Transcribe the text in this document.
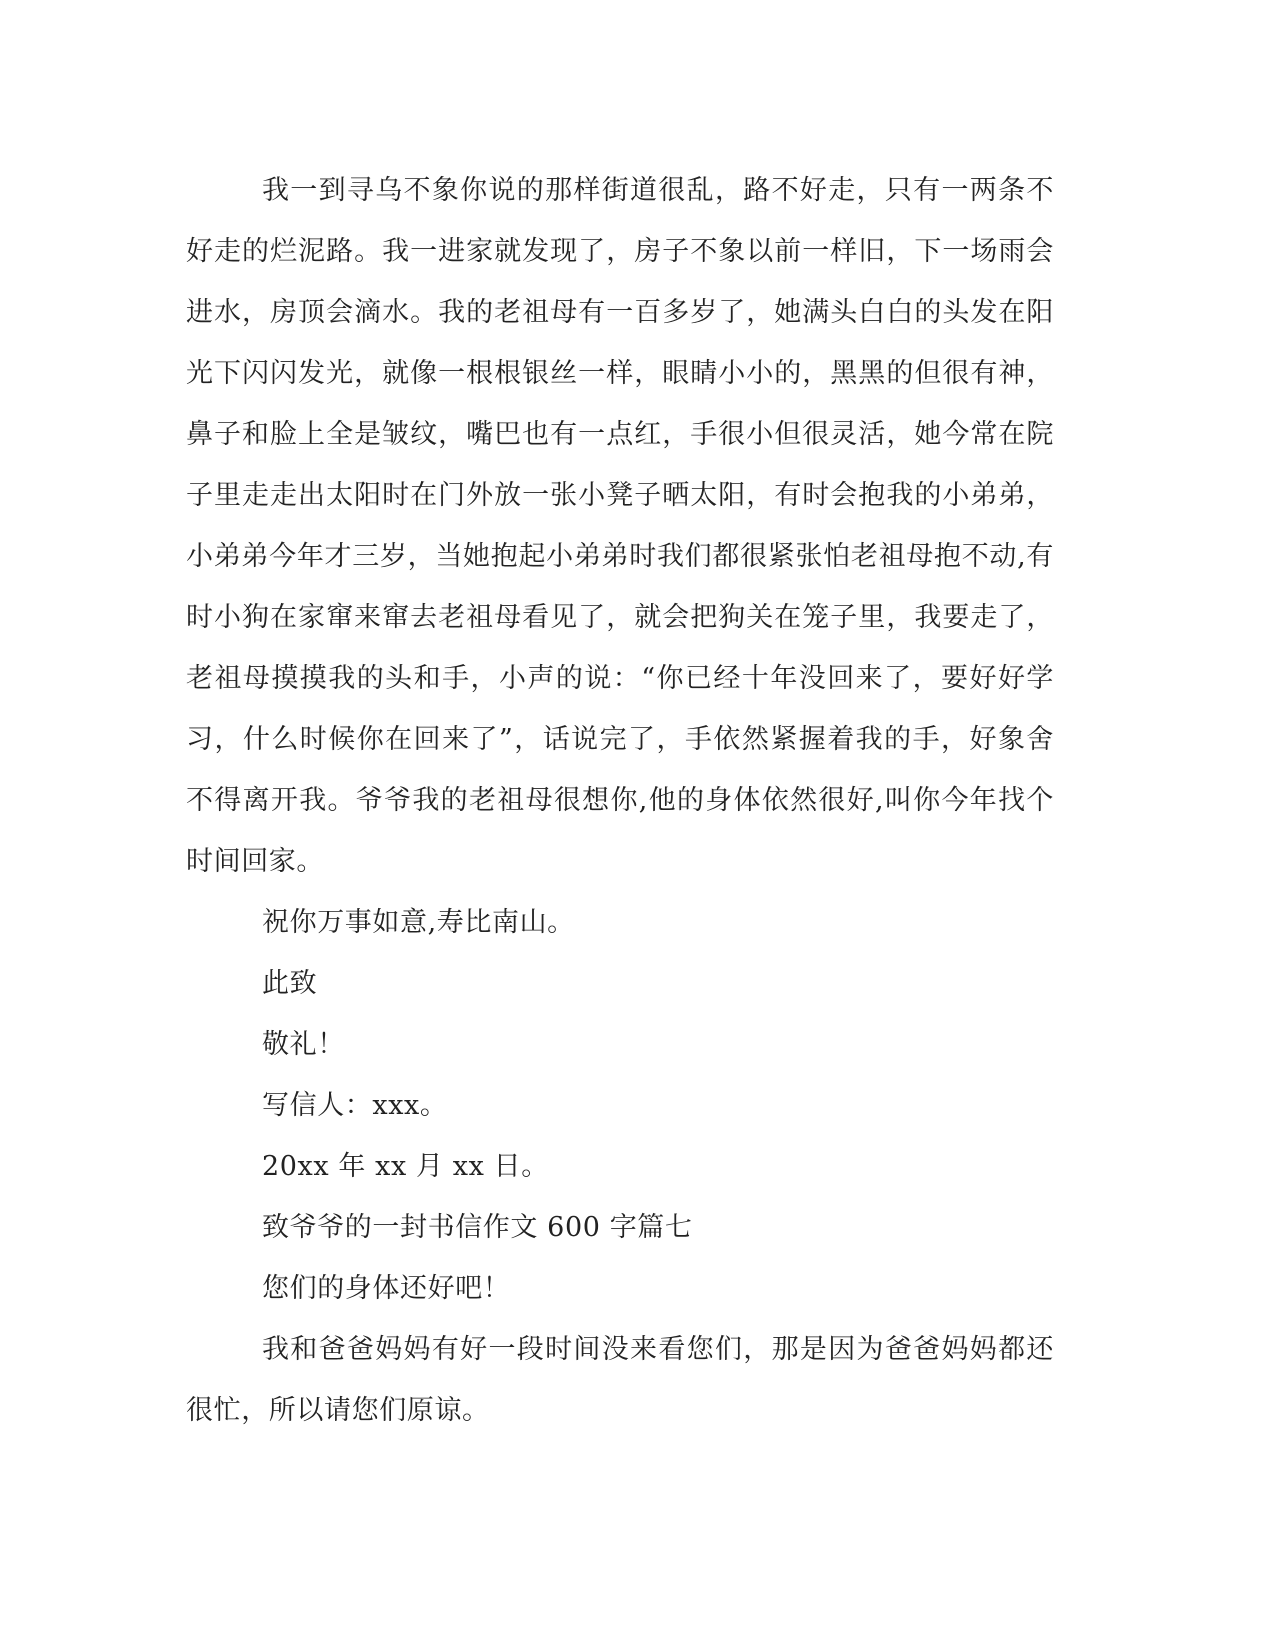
我一到寻乌不象你说的那样街道很乱，路不好走，只有一两条不好走的烂泥路。我一进家就发现了，房子不象以前一样旧，下一场雨会进水，房顶会滴水。我的老祖母有一百多岁了，她满头白白的头发在阳光下闪闪发光，就像一根根银丝一样，眼睛小小的，黑黑的但很有神，鼻子和脸上全是皱纹，嘴巴也有一点红，手很小但很灵活，她今常在院子里走走出太阳时在门外放一张小凳子晒太阳，有时会抱我的小弟弟，小弟弟今年才三岁，当她抱起小弟弟时我们都很紧张怕老祖母抱不动,有时小狗在家窜来窜去老祖母看见了，就会把狗关在笼子里，我要走了，老祖母摸摸我的头和手，小声的说：“你已经十年没回来了，要好好学习，什么时候你在回来了”，话说完了，手依然紧握着我的手，好象舍不得离开我。爷爷我的老祖母很想你,他的身体依然很好,叫你今年找个时间回家。

祝你万事如意,寿比南山。

此致

敬礼！

写信人：xxx。

20xx 年 xx 月 xx 日。

致爷爷的一封书信作文 600 字篇七

您们的身体还好吧！

我和爸爸妈妈有好一段时间没来看您们，那是因为爸爸妈妈都还很忙，所以请您们原谅。
